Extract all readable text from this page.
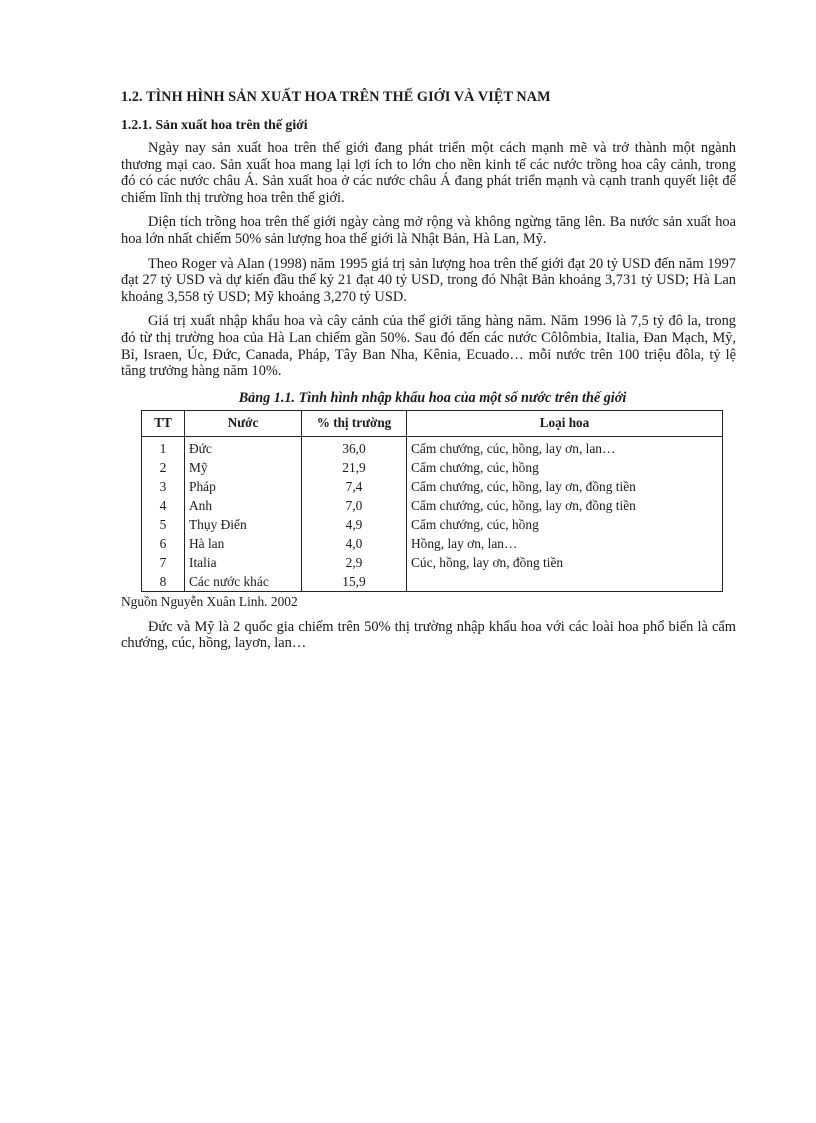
1.2. TÌNH HÌNH SẢN XUẤT HOA TRÊN THẾ GIỚI VÀ VIỆT NAM
1.2.1. Sản xuất hoa trên thế giới

Ngày nay sản xuất hoa trên thế giới đang phát triển một cách mạnh mẽ và trở thành một ngành thương mại cao. Sản xuất hoa mang lại lợi ích to lớn cho nền kinh tế các nước trồng hoa cây cảnh, trong đó có các nước châu Á. Sản xuất hoa ở các nước châu Á đang phát triển mạnh và cạnh tranh quyết liệt để chiếm lĩnh thị trường hoa trên thế giới.

Diện tích trồng hoa trên thế giới ngày càng mở rộng và không ngừng tăng lên. Ba nước sản xuất hoa hoa lớn nhất chiếm 50% sản lượng hoa thế giới là Nhật Bản, Hà Lan, Mỹ.

Theo Roger và Alan (1998) năm 1995 giá trị sản lượng hoa trên thế giới đạt 20 tỷ USD đến năm 1997 đạt 27 tỷ USD và dự kiến đầu thế kỷ 21 đạt 40 tỷ USD, trong đó Nhật Bản khoảng 3,731 tỷ USD; Hà Lan khoảng 3,558 tỷ USD; Mỹ khoảng 3,270 tỷ USD.

Giá trị xuất nhập khẩu hoa và cây cảnh của thế giới tăng hàng năm. Năm 1996 là 7,5 tỷ đô la, trong đó từ thị trường hoa của Hà Lan chiếm gần 50%. Sau đó đến các nước Côlômbia, Italia, Đan Mạch, Mỹ, Bỉ, Israen, Úc, Đức, Canada, Pháp, Tây Ban Nha, Kênia, Ecuado… mỗi nước trên 100 triệu đôla, tỷ lệ tăng trưởng hàng năm 10%.

Bảng 1.1. Tình hình nhập khẩu hoa của một số nước trên thế giới
TT	Nước	% thị trường	Loại hoa
1	Đức	36,0	Cẩm chướng, cúc, hồng, lay ơn, lan…
2	Mỹ	21,9	Cẩm chướng, cúc, hồng
3	Pháp	7,4	Cẩm chướng, cúc, hồng, lay ơn, đồng tiền
4	Anh	7,0	Cẩm chướng, cúc, hồng, lay ơn, đồng tiền
5	Thụy Điển	4,9	Cẩm chướng, cúc, hồng
6	Hà lan	4,0	Hồng, lay ơn, lan…
7	Italia	2,9	Cúc, hồng, lay ơn, đồng tiền
8	Các nước khác	15,9	
Nguồn Nguyễn Xuân Linh. 2002

Đức và Mỹ là 2 quốc gia chiếm trên 50% thị trường nhập khẩu hoa với các loài hoa phổ biến là cẩm chướng, cúc, hồng, layơn, lan…
